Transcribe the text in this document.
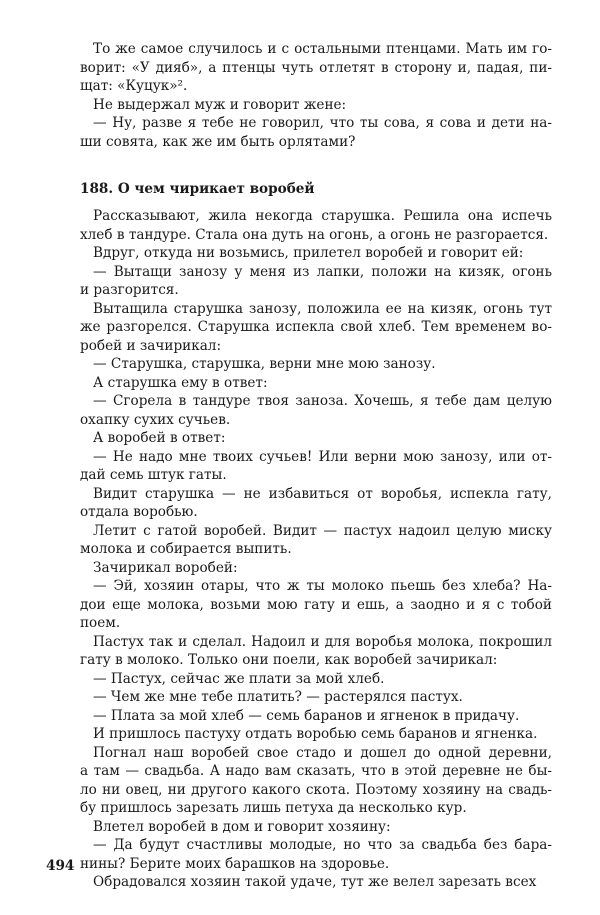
То же самое случилось и с остальными птенцами. Мать им го-

ворит: «У дияб», а птенцы чуть отлетят в сторону и, падая, пи-

щат: «Куцук»².

Не выдержал муж и говорит жене:

— Ну, разве я тебе не говорил, что ты сова, я сова и дети на-

ши совята, как же им быть орлятами?

188. О чем чирикает воробей

Рассказывают, жила некогда старушка. Решила она испечь

хлеб в тандуре. Стала она дуть на огонь, а огонь не разгорается.

Вдруг, откуда ни возьмись, прилетел воробей и говорит ей:

— Вытащи занозу у меня из лапки, положи на кизяк, огонь

и разгорится.

Вытащила старушка занозу, положила ее на кизяк, огонь тут

же разгорелся. Старушка испекла свой хлеб. Тем временем во-

робей и зачирикал:

— Старушка, старушка, верни мне мою занозу.

А старушка ему в ответ:

— Сгорела в тандуре твоя заноза. Хочешь, я тебе дам целую

охапку сухих сучьев.

А воробей в ответ:

— Не надо мне твоих сучьев! Или верни мою занозу, или от-

дай семь штук гаты.

Видит старушка — не избавиться от воробья, испекла гату,

отдала воробью.

Летит с гатой воробей. Видит — пастух надоил целую миску

молока и собирается выпить.

Зачирикал воробей:

— Эй, хозяин отары, что ж ты молоко пьешь без хлеба? На-

дои еще молока, возьми мою гату и ешь, а заодно и я с тобой

поем.

Пастух так и сделал. Надоил и для воробья молока, покрошил

гату в молоко. Только они поели, как воробей зачирикал:

— Пастух, сейчас же плати за мой хлеб.

— Чем же мне тебе платить? — растерялся пастух.

— Плата за мой хлеб — семь баранов и ягненок в придачу.

И пришлось пастуху отдать воробью семь баранов и ягненка.

Погнал наш воробей свое стадо и дошел до одной деревни,

а там — свадьба. А надо вам сказать, что в этой деревне не бы-

ло ни овец, ни другого какого скота. Поэтому хозяину на свадь-

бу пришлось зарезать лишь петуха да несколько кур.

Влетел воробей в дом и говорит хозяину:

— Да будут счастливы молодые, но что за свадьба без бара-

нины? Берите моих барашков на здоровье.

Обрадовался хозяин такой удаче, тут же велел зарезать всех

494
